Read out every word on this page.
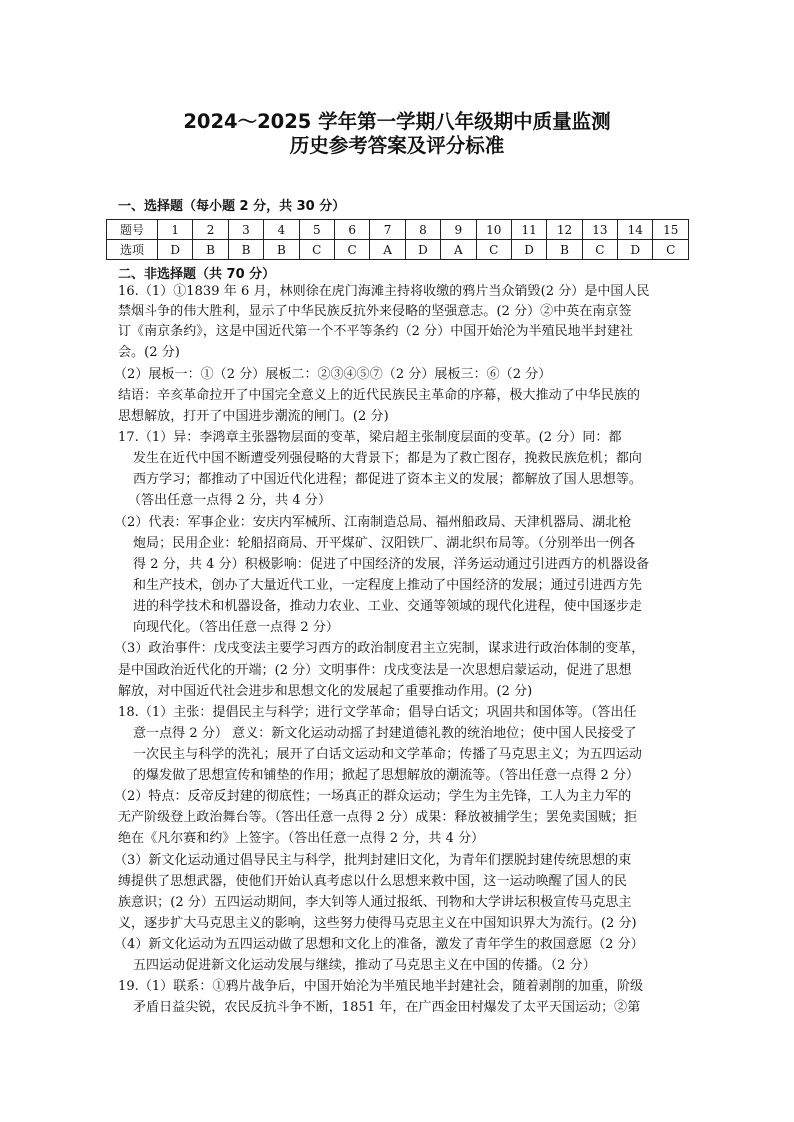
2024～2025 学年第一学期八年级期中质量监测
历史参考答案及评分标准
一、选择题（每小题 2 分，共 30 分）
题号	1	2	3	4	5	6	7	8	9	10	11	12	13	14	15
选项	D	B	B	B	C	C	A	D	A	C	D	B	C	D	C
二、非选择题（共 70 分）
16.（1）①1839 年 6 月，林则徐在虎门海滩主持将收缴的鸦片当众销毁(2 分）是中国人民
禁烟斗争的伟大胜利，显示了中华民族反抗外来侵略的坚强意志。(2 分）②中英在南京签
订《南京条约》，这是中国近代第一个不平等条约（2 分）中国开始沦为半殖民地半封建社
会。(2 分)
（2）展板一：①（2 分）展板二：②③④⑤⑦（2 分）展板三：⑥（2 分）
结语：辛亥革命拉开了中国完全意义上的近代民族民主革命的序幕，极大推动了中华民族的
思想解放，打开了中国进步潮流的闸门。(2 分)
17.（1）异：李鸿章主张器物层面的变革，梁启超主张制度层面的变革。(2 分）同：都
发生在近代中国不断遭受列强侵略的大背景下；都是为了救亡图存，挽救民族危机；都向
西方学习；都推动了中国近代化进程；都促进了资本主义的发展；都解放了国人思想等。
（答出任意一点得 2 分，共 4 分）
（2）代表：军事企业：安庆内军械所、江南制造总局、福州船政局、天津机器局、湖北枪
炮局；民用企业：轮船招商局、开平煤矿、汉阳铁厂、湖北织布局等。（分别举出一例各
得 2 分，共 4 分）积极影响：促进了中国经济的发展，洋务运动通过引进西方的机器设备
和生产技术，创办了大量近代工业，一定程度上推动了中国经济的发展；通过引进西方先
进的科学技术和机器设备，推动力农业、工业、交通等领域的现代化进程，使中国逐步走
向现代化。（答出任意一点得 2 分）
（3）政治事件：戊戌变法主要学习西方的政治制度君主立宪制，谋求进行政治体制的变革，
是中国政治近代化的开端；(2 分）文明事件：戊戌变法是一次思想启蒙运动，促进了思想
解放，对中国近代社会进步和思想文化的发展起了重要推动作用。(2 分)
18.（1）主张：提倡民主与科学；进行文学革命；倡导白话文；巩固共和国体等。（答出任
意一点得 2 分） 意义：新文化运动动摇了封建道德礼教的统治地位；使中国人民接受了
一次民主与科学的洗礼；展开了白话文运动和文学革命；传播了马克思主义；为五四运动
的爆发做了思想宣传和铺垫的作用；掀起了思想解放的潮流等。（答出任意一点得 2 分）
（2）特点：反帝反封建的彻底性；一场真正的群众运动；学生为主先锋，工人为主力军的
无产阶级登上政治舞台等。（答出任意一点得 2 分）成果：释放被捕学生；罢免卖国贼；拒
绝在《凡尔赛和约》上签字。（答出任意一点得 2 分，共 4 分）
（3）新文化运动通过倡导民主与科学，批判封建旧文化，为青年们摆脱封建传统思想的束
缚提供了思想武器，使他们开始认真考虑以什么思想来救中国，这一运动唤醒了国人的民
族意识；(2 分）五四运动期间，李大钊等人通过报纸、刊物和大学讲坛积极宣传马克思主
义，逐步扩大马克思主义的影响，这些努力使得马克思主义在中国知识界大为流行。(2 分)
（4）新文化运动为五四运动做了思想和文化上的准备，激发了青年学生的救国意愿（2 分）
五四运动促进新文化运动发展与继续，推动了马克思主义在中国的传播。（2 分）
19.（1）联系：①鸦片战争后，中国开始沦为半殖民地半封建社会，随着剥削的加重，阶级
矛盾日益尖锐，农民反抗斗争不断，1851 年，在广西金田村爆发了太平天国运动；②第
